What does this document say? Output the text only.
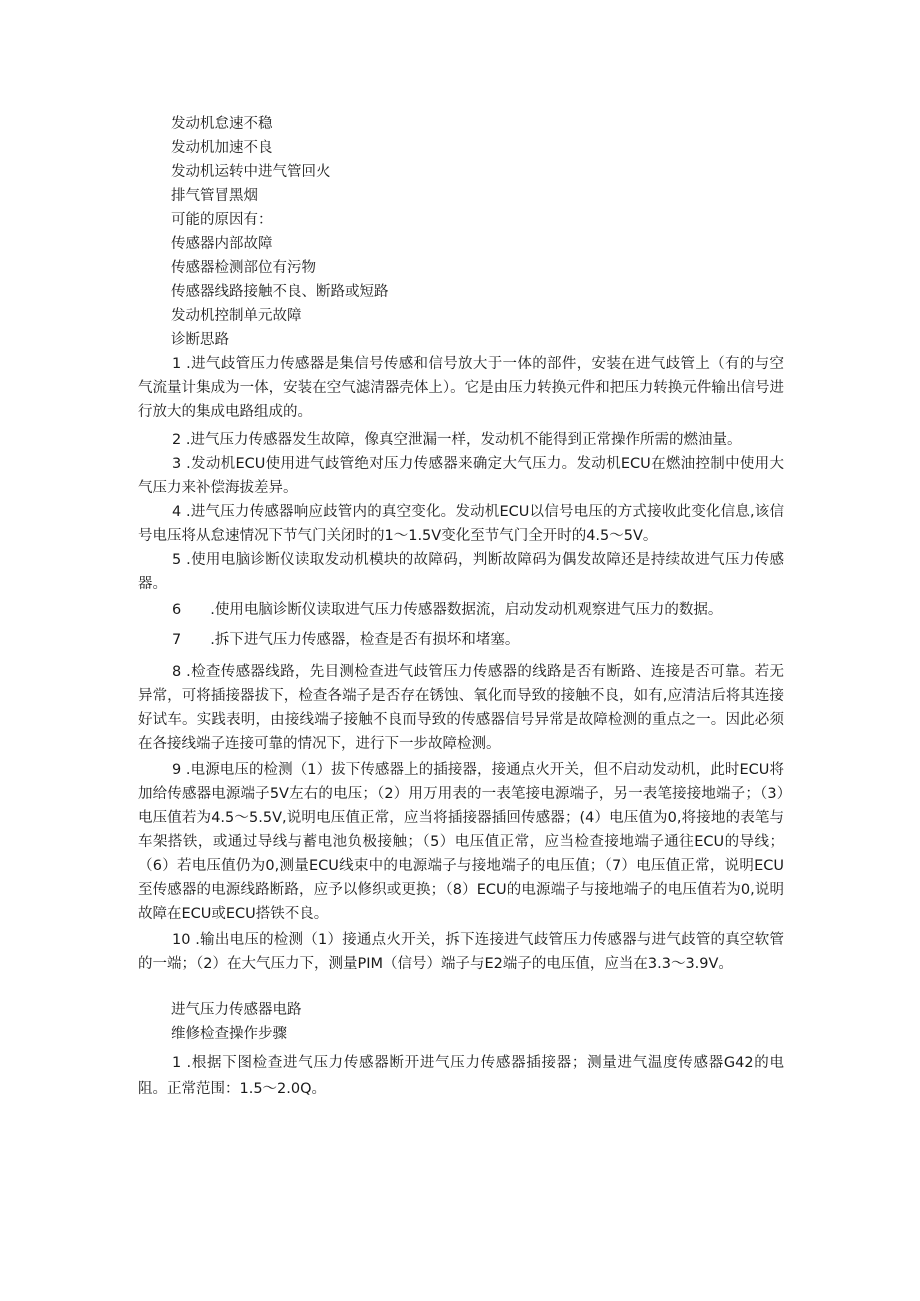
发动机怠速不稳

发动机加速不良

发动机运转中进气管回火

排气管冒黑烟

可能的原因有：

传感器内部故障

传感器检测部位有污物

传感器线路接触不良、断路或短路

发动机控制单元故障

诊断思路

1 .进气歧管压力传感器是集信号传感和信号放大于一体的部件，安装在进气歧管上（有的与空气流量计集成为一体，安装在空气滤清器壳体上）。它是由压力转换元件和把压力转换元件输出信号进行放大的集成电路组成的。

2 .进气压力传感器发生故障，像真空泄漏一样，发动机不能得到正常操作所需的燃油量。

3 .发动机ECU使用进气歧管绝对压力传感器来确定大气压力。发动机ECU在燃油控制中使用大气压力来补偿海拔差异。

4 .进气压力传感器响应歧管内的真空变化。发动机ECU以信号电压的方式接收此变化信息,该信号电压将从怠速情况下节气门关闭时的1～1.5V变化至节气门全开时的4.5～5V。

5 .使用电脑诊断仪读取发动机模块的故障码，判断故障码为偶发故障还是持续故进气压力传感器。

6　　.使用电脑诊断仪读取进气压力传感器数据流，启动发动机观察进气压力的数据。

7　　.拆下进气压力传感器，检查是否有损坏和堵塞。

8 .检查传感器线路，先目测检查进气歧管压力传感器的线路是否有断路、连接是否可靠。若无异常，可将插接器拔下，检查各端子是否存在锈蚀、氧化而导致的接触不良，如有,应清洁后将其连接好试车。实践表明，由接线端子接触不良而导致的传感器信号异常是故障检测的重点之一。因此必须在各接线端子连接可靠的情况下，进行下一步故障检测。

9 .电源电压的检测（1）拔下传感器上的插接器，接通点火开关，但不启动发动机，此时ECU将加给传感器电源端子5V左右的电压；（2）用万用表的一表笔接电源端子，另一表笔接接地端子；（3）电压值若为4.5～5.5V,说明电压值正常，应当将插接器插回传感器；(4）电压值为0,将接地的表笔与车架搭铁，或通过导线与蓄电池负极接触；（5）电压值正常，应当检查接地端子通往ECU的导线；（6）若电压值仍为0,测量ECU线束中的电源端子与接地端子的电压值；（7）电压值正常，说明ECU至传感器的电源线路断路，应予以修织或更换；（8）ECU的电源端子与接地端子的电压值若为0,说明故障在ECU或ECU搭铁不良。

10 .输出电压的检测（1）接通点火开关，拆下连接进气歧管压力传感器与进气歧管的真空软管的一端；（2）在大气压力下，测量PIM（信号）端子与E2端子的电压值，应当在3.3～3.9V。

进气压力传感器电路

维修检查操作步骤

1 .根据下图检查进气压力传感器断开进气压力传感器插接器；测量进气温度传感器G42的电阻。正常范围：1.5～2.0Q。
